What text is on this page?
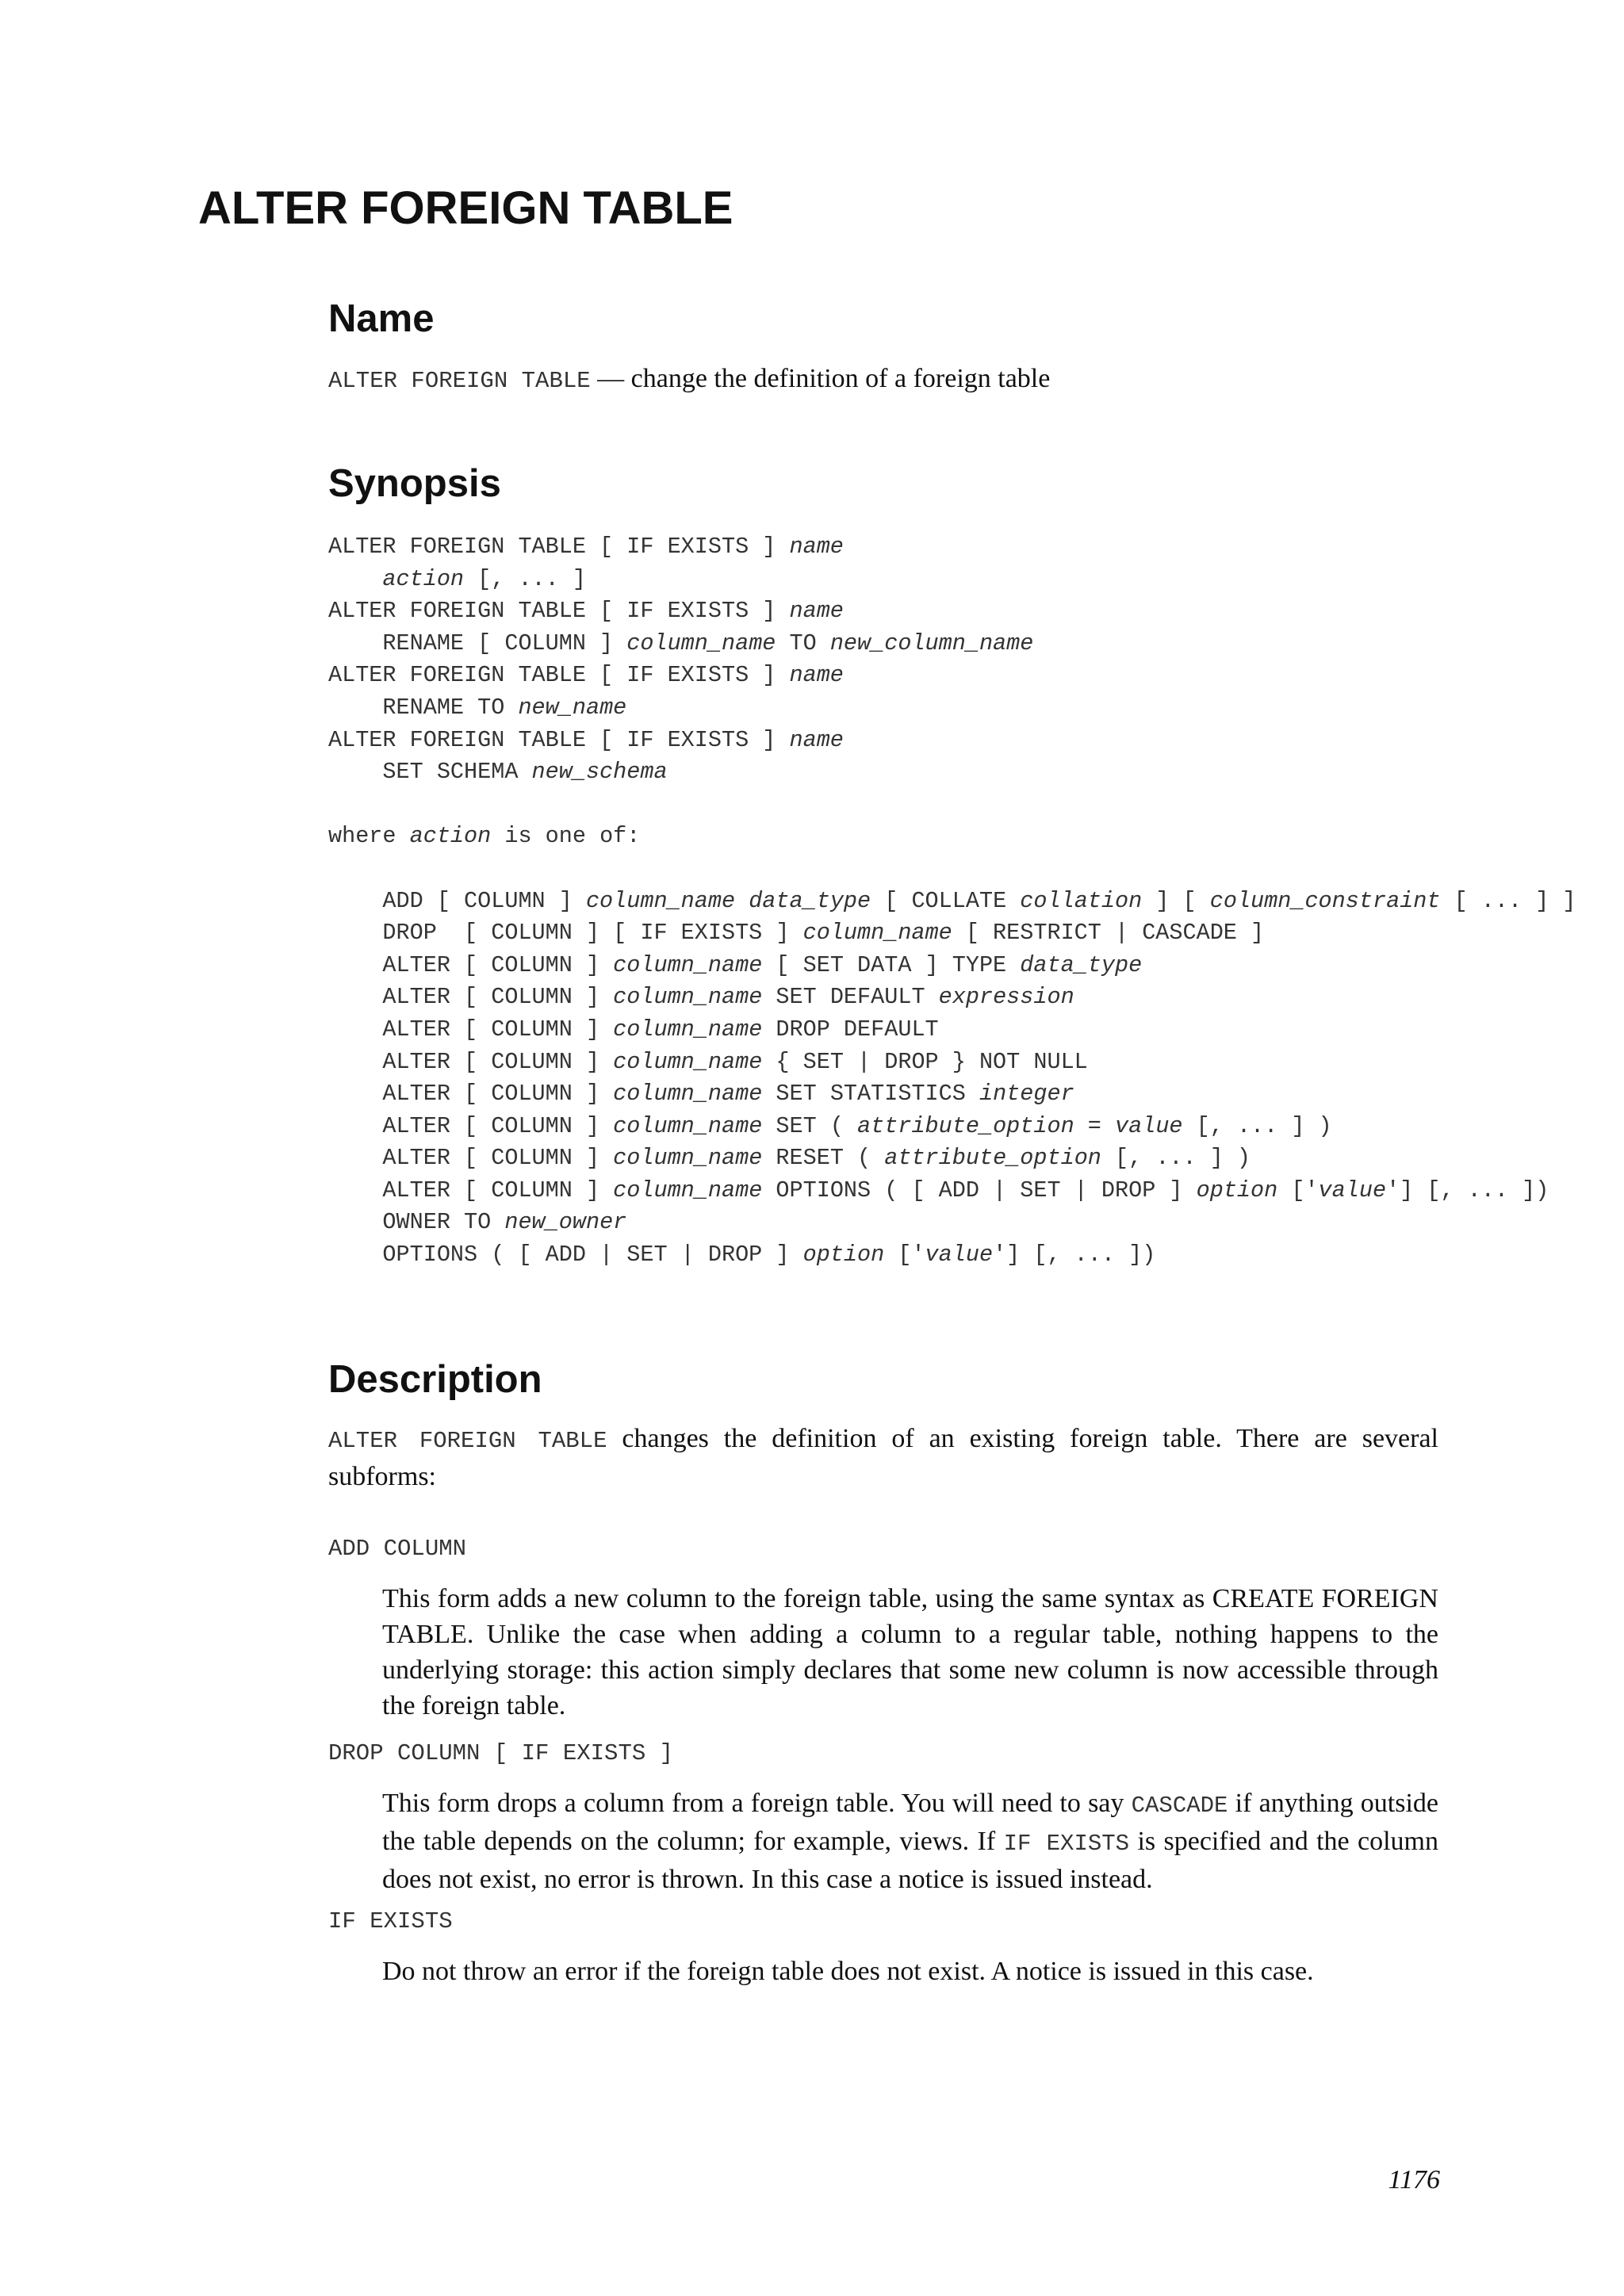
ALTER FOREIGN TABLE
Name
ALTER FOREIGN TABLE — change the definition of a foreign table
Synopsis
ALTER FOREIGN TABLE [ IF EXISTS ] name
action [, ... ]
ALTER FOREIGN TABLE [ IF EXISTS ] name
RENAME [ COLUMN ] column_name TO new_column_name
ALTER FOREIGN TABLE [ IF EXISTS ] name
RENAME TO new_name
ALTER FOREIGN TABLE [ IF EXISTS ] name
SET SCHEMA new_schema

where action is one of:

ADD [ COLUMN ] column_name data_type [ COLLATE collation ] [ column_constraint [ ... ] ]
DROP  [ COLUMN ] [ IF EXISTS ] column_name [ RESTRICT | CASCADE ]
ALTER [ COLUMN ] column_name [ SET DATA ] TYPE data_type
ALTER [ COLUMN ] column_name SET DEFAULT expression
ALTER [ COLUMN ] column_name DROP DEFAULT
ALTER [ COLUMN ] column_name { SET | DROP } NOT NULL
ALTER [ COLUMN ] column_name SET STATISTICS integer
ALTER [ COLUMN ] column_name SET ( attribute_option = value [, ... ] )
ALTER [ COLUMN ] column_name RESET ( attribute_option [, ... ] )
ALTER [ COLUMN ] column_name OPTIONS ( [ ADD | SET | DROP ] option ['value'] [, ... ])
OWNER TO new_owner
OPTIONS ( [ ADD | SET | DROP ] option ['value'] [, ... ])
Description
ALTER FOREIGN TABLE changes the definition of an existing foreign table. There are several subforms:
ADD COLUMN
This form adds a new column to the foreign table, using the same syntax as CREATE FOREIGN TABLE. Unlike the case when adding a column to a regular table, nothing happens to the underlying storage: this action simply declares that some new column is now accessible through the foreign table.
DROP COLUMN [ IF EXISTS ]
This form drops a column from a foreign table. You will need to say CASCADE if anything outside the table depends on the column; for example, views. If IF EXISTS is specified and the column does not exist, no error is thrown. In this case a notice is issued instead.
IF EXISTS
Do not throw an error if the foreign table does not exist. A notice is issued in this case.
1176
